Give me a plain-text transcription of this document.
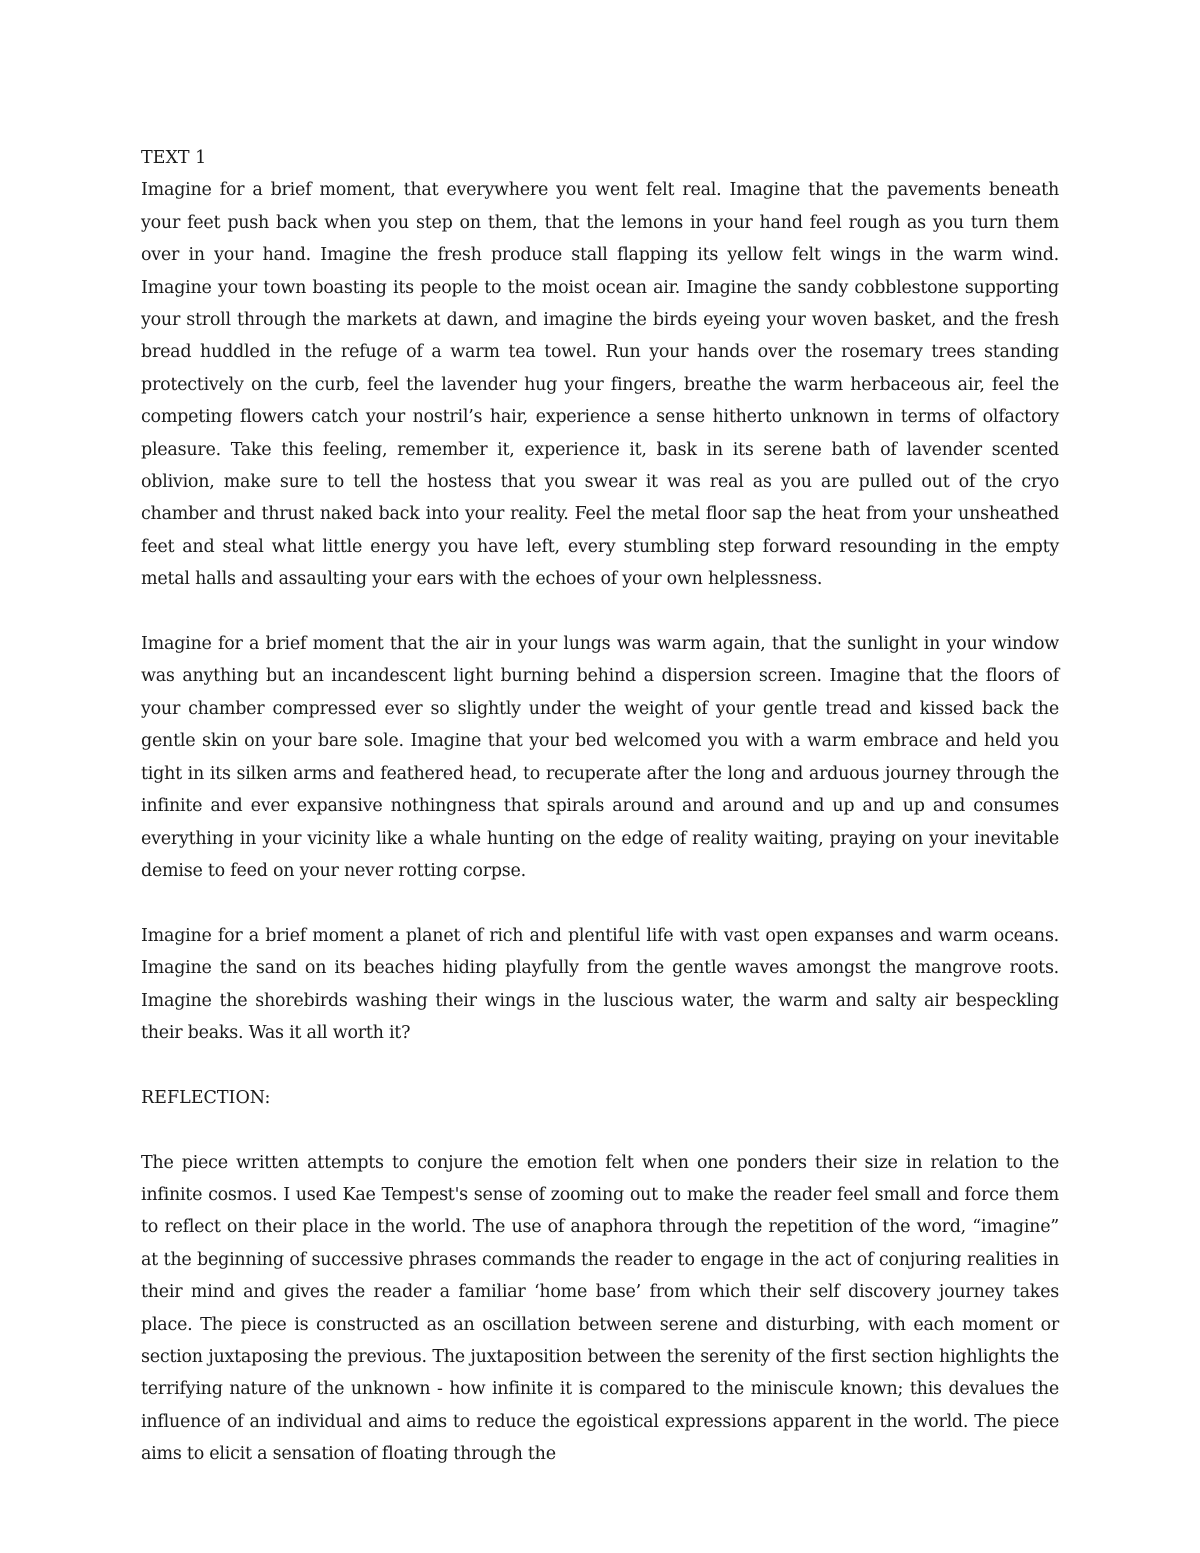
TEXT 1

Imagine for a brief moment, that everywhere you went felt real. Imagine that the pavements beneath your feet push back when you step on them, that the lemons in your hand feel rough as you turn them over in your hand. Imagine the fresh produce stall flapping its yellow felt wings in the warm wind. Imagine your town boasting its people to the moist ocean air. Imagine the sandy cobblestone supporting your stroll through the markets at dawn, and imagine the birds eyeing your woven basket, and the fresh bread huddled in the refuge of a warm tea towel. Run your hands over the rosemary trees standing protectively on the curb, feel the lavender hug your fingers, breathe the warm herbaceous air, feel the competing flowers catch your nostril’s hair, experience a sense hitherto unknown in terms of olfactory pleasure. Take this feeling, remember it, experience it, bask in its serene bath of lavender scented oblivion, make sure to tell the hostess that you swear it was real as you are pulled out of the cryo chamber and thrust naked back into your reality. Feel the metal floor sap the heat from your unsheathed feet and steal what little energy you have left, every stumbling step forward resounding in the empty metal halls and assaulting your ears with the echoes of your own helplessness.

Imagine for a brief moment that the air in your lungs was warm again, that the sunlight in your window was anything but an incandescent light burning behind a dispersion screen. Imagine that the floors of your chamber compressed ever so slightly under the weight of your gentle tread and kissed back the gentle skin on your bare sole. Imagine that your bed welcomed you with a warm embrace and held you tight in its silken arms and feathered head, to recuperate after the long and arduous journey through the infinite and ever expansive nothingness that spirals around and around and up and up and consumes everything in your vicinity like a whale hunting on the edge of reality waiting, praying on your inevitable demise to feed on your never rotting corpse.

Imagine for a brief moment a planet of rich and plentiful life with vast open expanses and warm oceans. Imagine the sand on its beaches hiding playfully from the gentle waves amongst the mangrove roots. Imagine the shorebirds washing their wings in the luscious water, the warm and salty air bespeckling their beaks. Was it all worth it?

REFLECTION:

The piece written attempts to conjure the emotion felt when one ponders their size in relation to the infinite cosmos. I used Kae Tempest's sense of zooming out to make the reader feel small and force them to reflect on their place in the world. The use of anaphora through the repetition of the word, “imagine” at the beginning of successive phrases commands the reader to engage in the act of conjuring realities in their mind and gives the reader a familiar ‘home base’ from which their self discovery journey takes place. The piece is constructed as an oscillation between serene and disturbing, with each moment or section juxtaposing the previous. The juxtaposition between the serenity of the first section highlights the terrifying nature of the unknown - how infinite it is compared to the miniscule known; this devalues the influence of an individual and aims to reduce the egoistical expressions apparent in the world. The piece aims to elicit a sensation of floating through the
